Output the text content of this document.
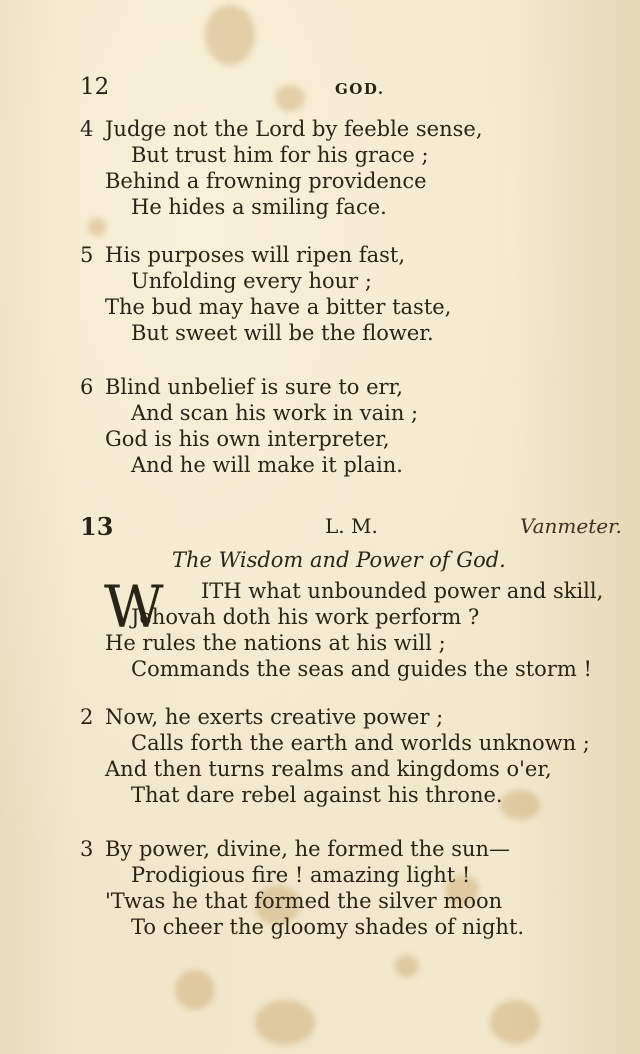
12	GOD.
4 Judge not the Lord by feeble sense,
But trust him for his grace ;
Behind a frowning providence
He hides a smiling face.
5 His purposes will ripen fast,
Unfolding every hour ;
The bud may have a bitter taste,
But sweet will be the flower.
6 Blind unbelief is sure to err,
And scan his work in vain ;
God is his own interpreter,
And he will make it plain.
13	L. M.	Vanmeter.
The Wisdom and Power of God.
W ITH what unbounded power and skill,
Jehovah doth his work perform ?
He rules the nations at his will ;
Commands the seas and guides the storm !
2 Now, he exerts creative power ;
Calls forth the earth and worlds unknown ;
And then turns realms and kingdoms o'er,
That dare rebel against his throne.
3 By power, divine, he formed the sun—
Prodigious fire ! amazing light !
'Twas he that formed the silver moon
To cheer the gloomy shades of night.
